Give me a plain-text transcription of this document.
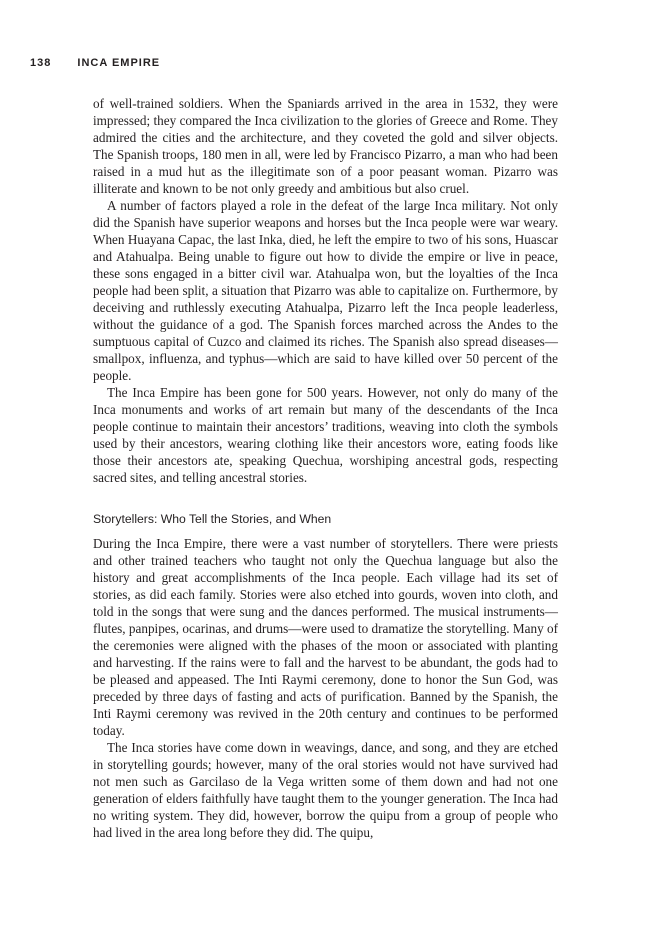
138 INCA EMPIRE

of well-trained soldiers. When the Spaniards arrived in the area in 1532, they were impressed; they compared the Inca civilization to the glories of Greece and Rome. They admired the cities and the architecture, and they coveted the gold and silver objects. The Spanish troops, 180 men in all, were led by Francisco Pizarro, a man who had been raised in a mud hut as the illegitimate son of a poor peasant woman. Pizarro was illiterate and known to be not only greedy and ambitious but also cruel.

A number of factors played a role in the defeat of the large Inca military. Not only did the Spanish have superior weapons and horses but the Inca people were war weary. When Huayana Capac, the last Inka, died, he left the empire to two of his sons, Huascar and Atahualpa. Being unable to figure out how to divide the empire or live in peace, these sons engaged in a bitter civil war. Atahualpa won, but the loyalties of the Inca people had been split, a situation that Pizarro was able to capitalize on. Furthermore, by deceiving and ruthlessly executing Atahualpa, Pizarro left the Inca people leaderless, without the guidance of a god. The Spanish forces marched across the Andes to the sumptuous capital of Cuzco and claimed its riches. The Spanish also spread diseases—smallpox, influenza, and typhus—which are said to have killed over 50 percent of the people.

The Inca Empire has been gone for 500 years. However, not only do many of the Inca monuments and works of art remain but many of the descendants of the Inca people continue to maintain their ancestors’ traditions, weaving into cloth the symbols used by their ancestors, wearing clothing like their ancestors wore, eating foods like those their ancestors ate, speaking Quechua, worshiping ancestral gods, respecting sacred sites, and telling ancestral stories.

Storytellers: Who Tell the Stories, and When

During the Inca Empire, there were a vast number of storytellers. There were priests and other trained teachers who taught not only the Quechua language but also the history and great accomplishments of the Inca people. Each village had its set of stories, as did each family. Stories were also etched into gourds, woven into cloth, and told in the songs that were sung and the dances performed. The musical instruments—flutes, panpipes, ocarinas, and drums—were used to dramatize the storytelling. Many of the ceremonies were aligned with the phases of the moon or associated with planting and harvesting. If the rains were to fall and the harvest to be abundant, the gods had to be pleased and appeased. The Inti Raymi ceremony, done to honor the Sun God, was preceded by three days of fasting and acts of purification. Banned by the Spanish, the Inti Raymi ceremony was revived in the 20th century and continues to be performed today.

The Inca stories have come down in weavings, dance, and song, and they are etched in storytelling gourds; however, many of the oral stories would not have survived had not men such as Garcilaso de la Vega written some of them down and had not one generation of elders faithfully have taught them to the younger generation. The Inca had no writing system. They did, however, borrow the quipu from a group of people who had lived in the area long before they did. The quipu,
